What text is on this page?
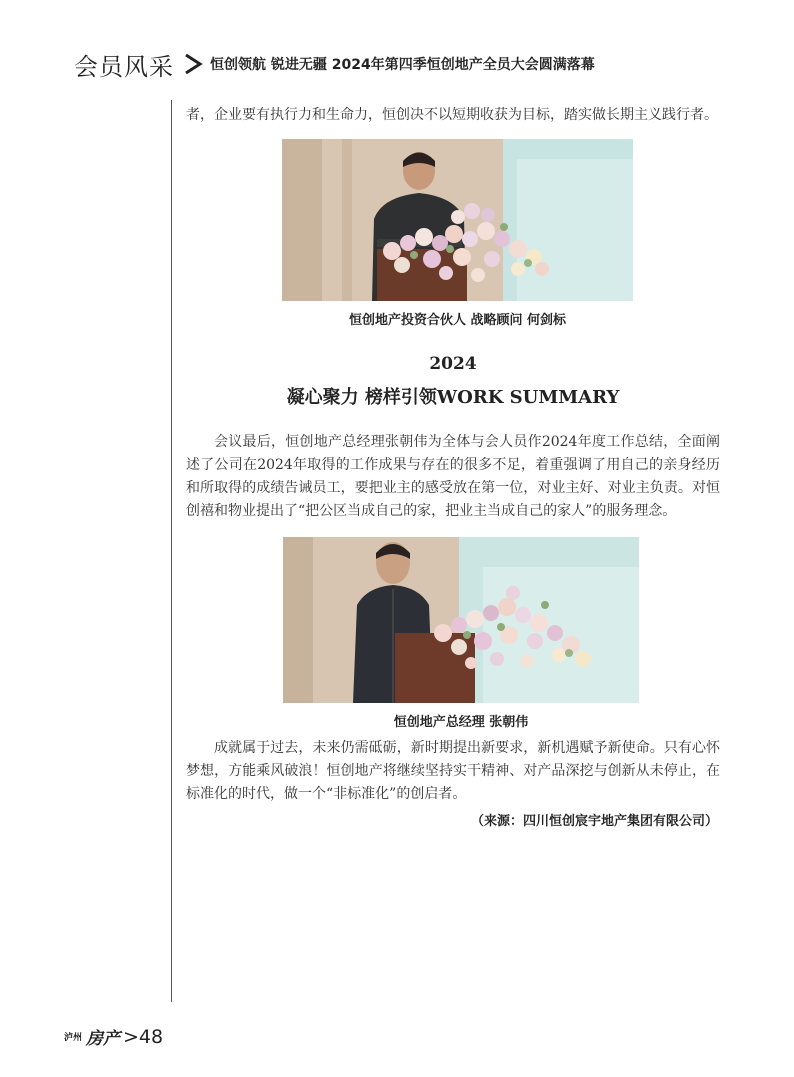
会员风采	恒创领航 锐进无疆 2024年第四季恒创地产全员大会圆满落幕

者，企业要有执行力和生命力，恒创决不以短期收获为目标，踏实做长期主义践行者。

恒创地产投资合伙人 战略顾问 何剑标
2024
凝心聚力 榜样引领WORK SUMMARY

会议最后，恒创地产总经理张朝伟为全体与会人员作2024年度工作总结，全面阐述了公司在2024年取得的工作成果与存在的很多不足，着重强调了用自己的亲身经历和所取得的成绩告诫员工，要把业主的感受放在第一位，对业主好、对业主负责。对恒创禧和物业提出了“把公区当成自己的家，把业主当成自己的家人”的服务理念。

恒创地产总经理 张朝伟

成就属于过去，未来仍需砥砺，新时期提出新要求，新机遇赋予新使命。只有心怀梦想，方能乘风破浪！恒创地产将继续坚持实干精神、对产品深挖与创新从未停止，在标准化的时代，做一个“非标准化”的创启者。

（来源：四川恒创宸宇地产集团有限公司）
泸州 房产 >48
